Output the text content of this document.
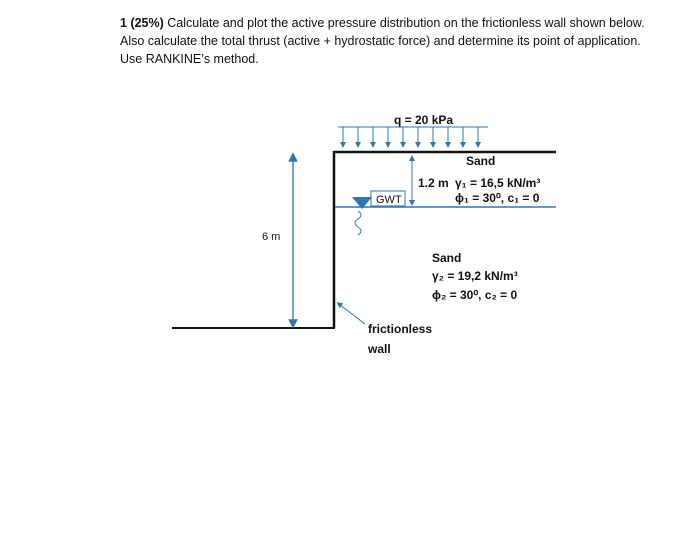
1 (25%) Calculate and plot the active pressure distribution on the frictionless wall shown below. Also calculate the total thrust (active + hydrostatic force) and determine its point of application. Use RANKINE’s method.
q = 20 kPa
6 m
1.2 m
GWT
Sand
γ₁ = 16,5 kN/m³
ϕ₁ = 30⁰, c₁ = 0
Sand
γ₂ = 19,2 kN/m³
ϕ₂ = 30⁰, c₂ = 0
frictionless
wall
